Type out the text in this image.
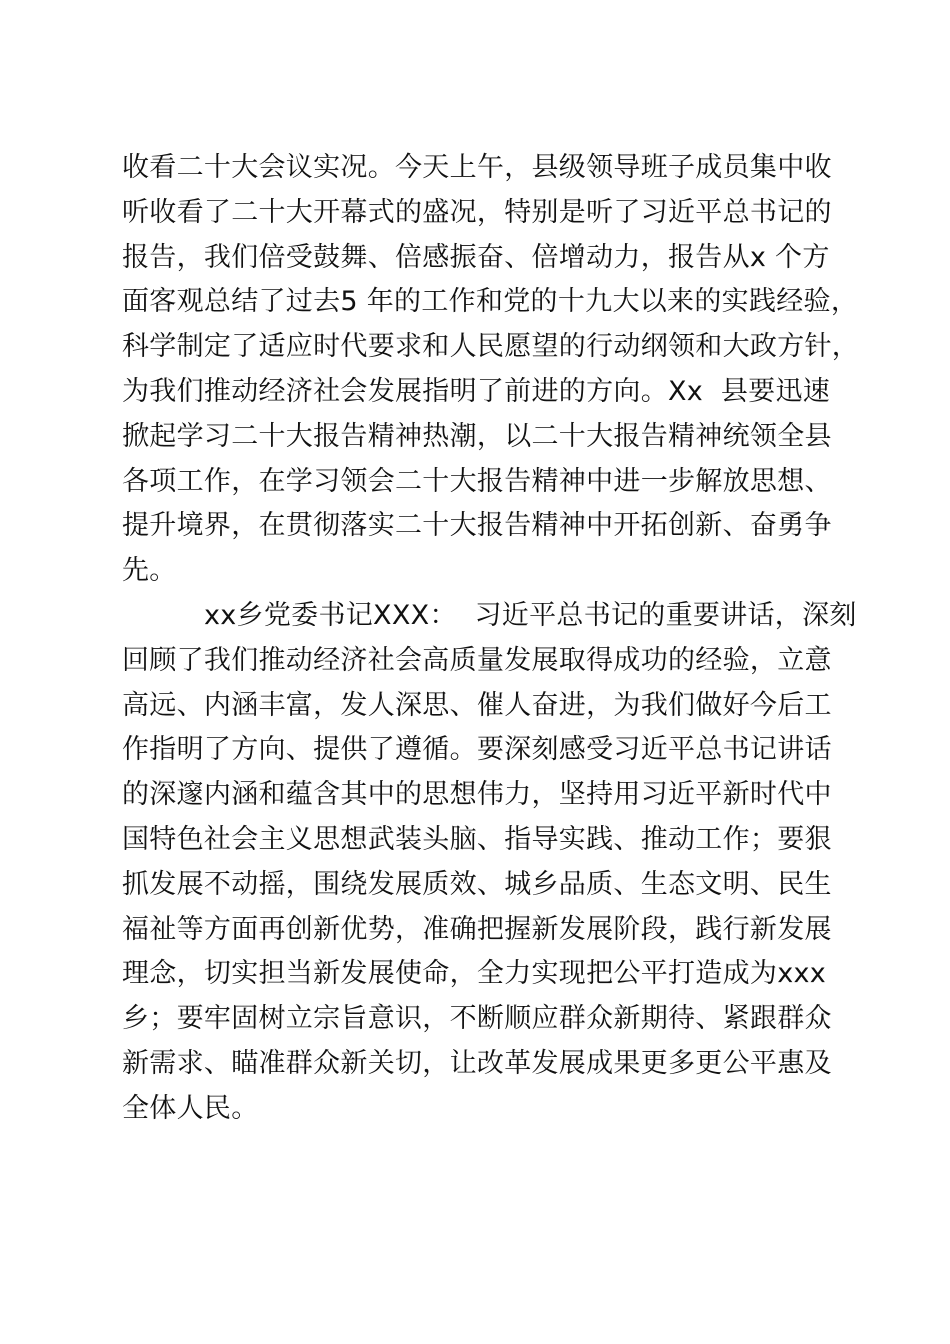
收看二十大会议实况。今天上午，县级领导班子成员集中收
听收看了二十大开幕式的盛况，特别是听了习近平总书记的
报告，我们倍受鼓舞、倍感振奋、倍增动力，报告从x 个方
面客观总结了过去5 年的工作和党的十九大以来的实践经验，
科学制定了适应时代要求和人民愿望的行动纲领和大政方针，
为我们推动经济社会发展指明了前进的方向。Xx  县要迅速
掀起学习二十大报告精神热潮，以二十大报告精神统领全县
各项工作，在学习领会二十大报告精神中进一步解放思想、
提升境界，在贯彻落实二十大报告精神中开拓创新、奋勇争
先。
xx乡党委书记XXX：  习近平总书记的重要讲话，深刻
回顾了我们推动经济社会高质量发展取得成功的经验，立意
高远、内涵丰富，发人深思、催人奋进，为我们做好今后工
作指明了方向、提供了遵循。要深刻感受习近平总书记讲话
的深邃内涵和蕴含其中的思想伟力，坚持用习近平新时代中
国特色社会主义思想武装头脑、指导实践、推动工作；要狠
抓发展不动摇，围绕发展质效、城乡品质、生态文明、民生
福祉等方面再创新优势，准确把握新发展阶段，践行新发展
理念，切实担当新发展使命，全力实现把公平打造成为xxx
乡；要牢固树立宗旨意识，不断顺应群众新期待、紧跟群众
新需求、瞄准群众新关切，让改革发展成果更多更公平惠及
全体人民。
